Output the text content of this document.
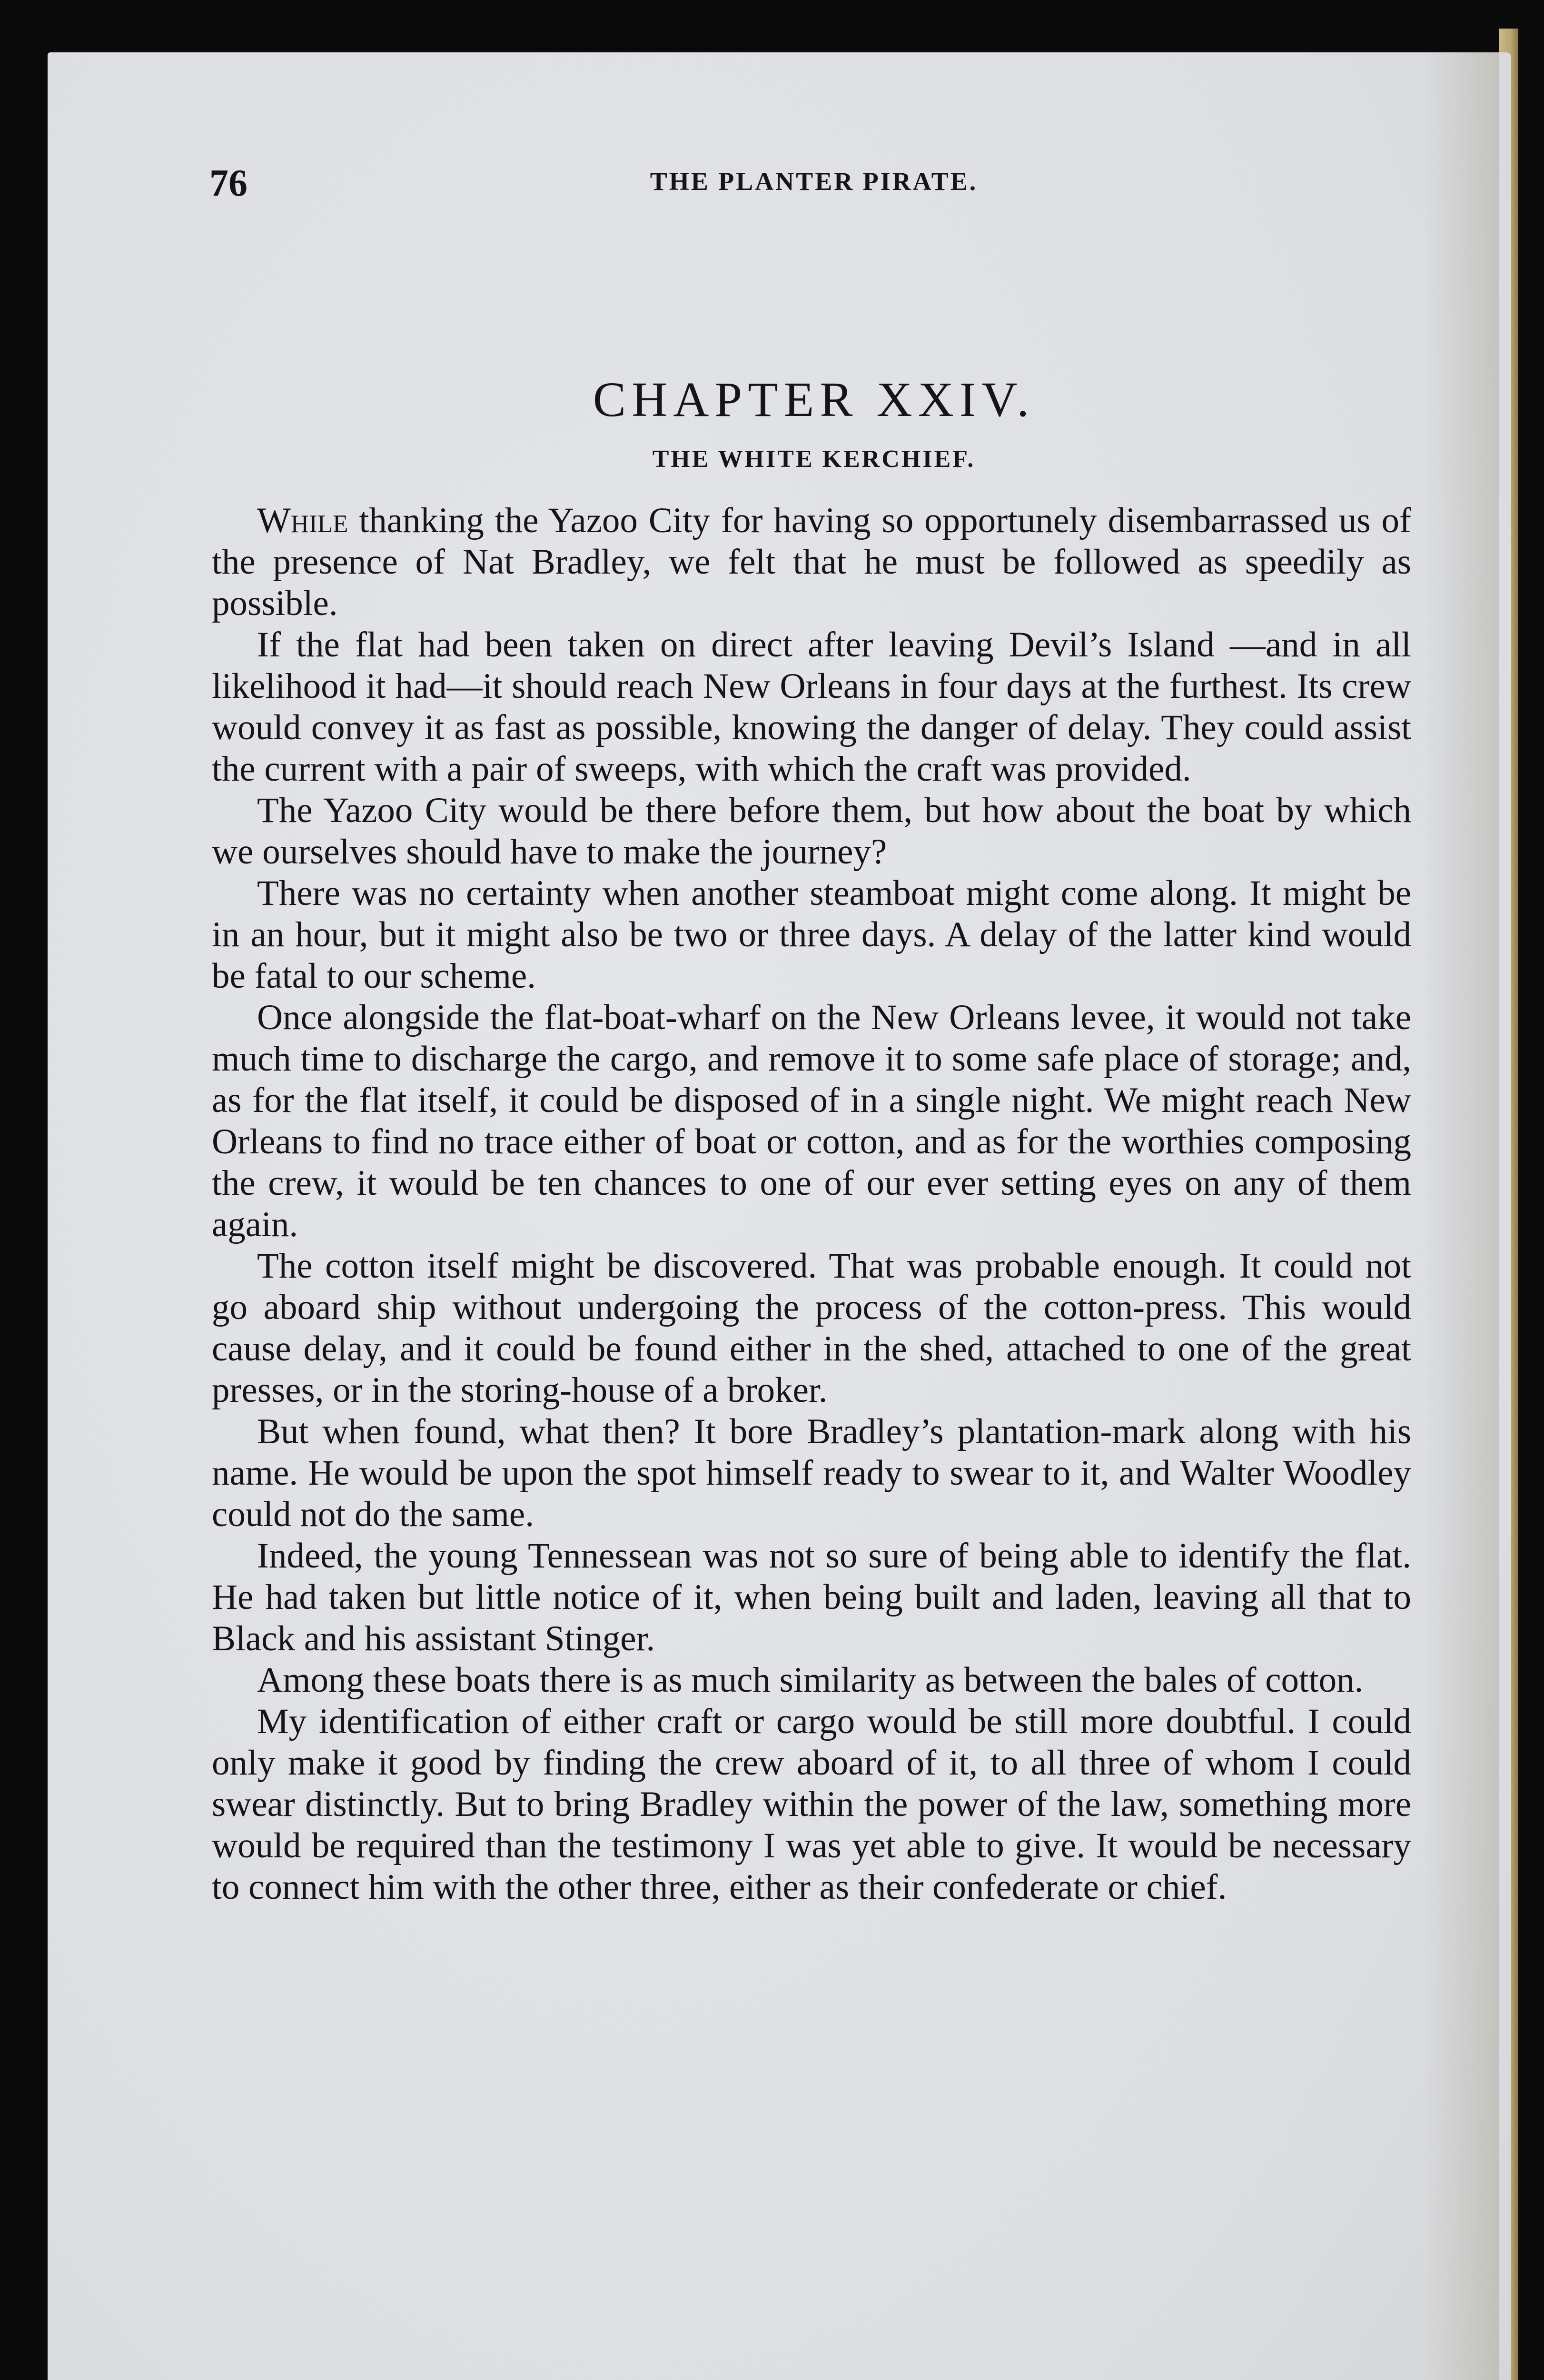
76	THE PLANTER PIRATE.
CHAPTER XXIV.
THE WHITE KERCHIEF.

While thanking the Yazoo City for having so opportunely disembarrassed us of the presence of Nat Bradley, we felt that he must be followed as speedily as possible.

If the flat had been taken on direct after leaving Devil’s Island —and in all likelihood it had—it should reach New Orleans in four days at the furthest. Its crew would convey it as fast as possible, knowing the danger of delay. They could assist the current with a pair of sweeps, with which the craft was provided.

The Yazoo City would be there before them, but how about the boat by which we ourselves should have to make the journey?

There was no certainty when another steamboat might come along. It might be in an hour, but it might also be two or three days. A delay of the latter kind would be fatal to our scheme.

Once alongside the flat-boat-wharf on the New Orleans levee, it would not take much time to discharge the cargo, and remove it to some safe place of storage; and, as for the flat itself, it could be disposed of in a single night. We might reach New Orleans to find no trace either of boat or cotton, and as for the worthies composing the crew, it would be ten chances to one of our ever setting eyes on any of them again.

The cotton itself might be discovered. That was probable enough. It could not go aboard ship without undergoing the process of the cotton-press. This would cause delay, and it could be found either in the shed, attached to one of the great presses, or in the storing-house of a broker.

But when found, what then? It bore Bradley’s plantation-mark along with his name. He would be upon the spot himself ready to swear to it, and Walter Woodley could not do the same.

Indeed, the young Tennessean was not so sure of being able to identify the flat. He had taken but little notice of it, when being built and laden, leaving all that to Black and his assistant Stinger.

Among these boats there is as much similarity as between the bales of cotton.

My identification of either craft or cargo would be still more doubtful. I could only make it good by finding the crew aboard of it, to all three of whom I could swear distinctly. But to bring Bradley within the power of the law, something more would be required than the testimony I was yet able to give. It would be necessary to connect him with the other three, either as their confederate or chief.
